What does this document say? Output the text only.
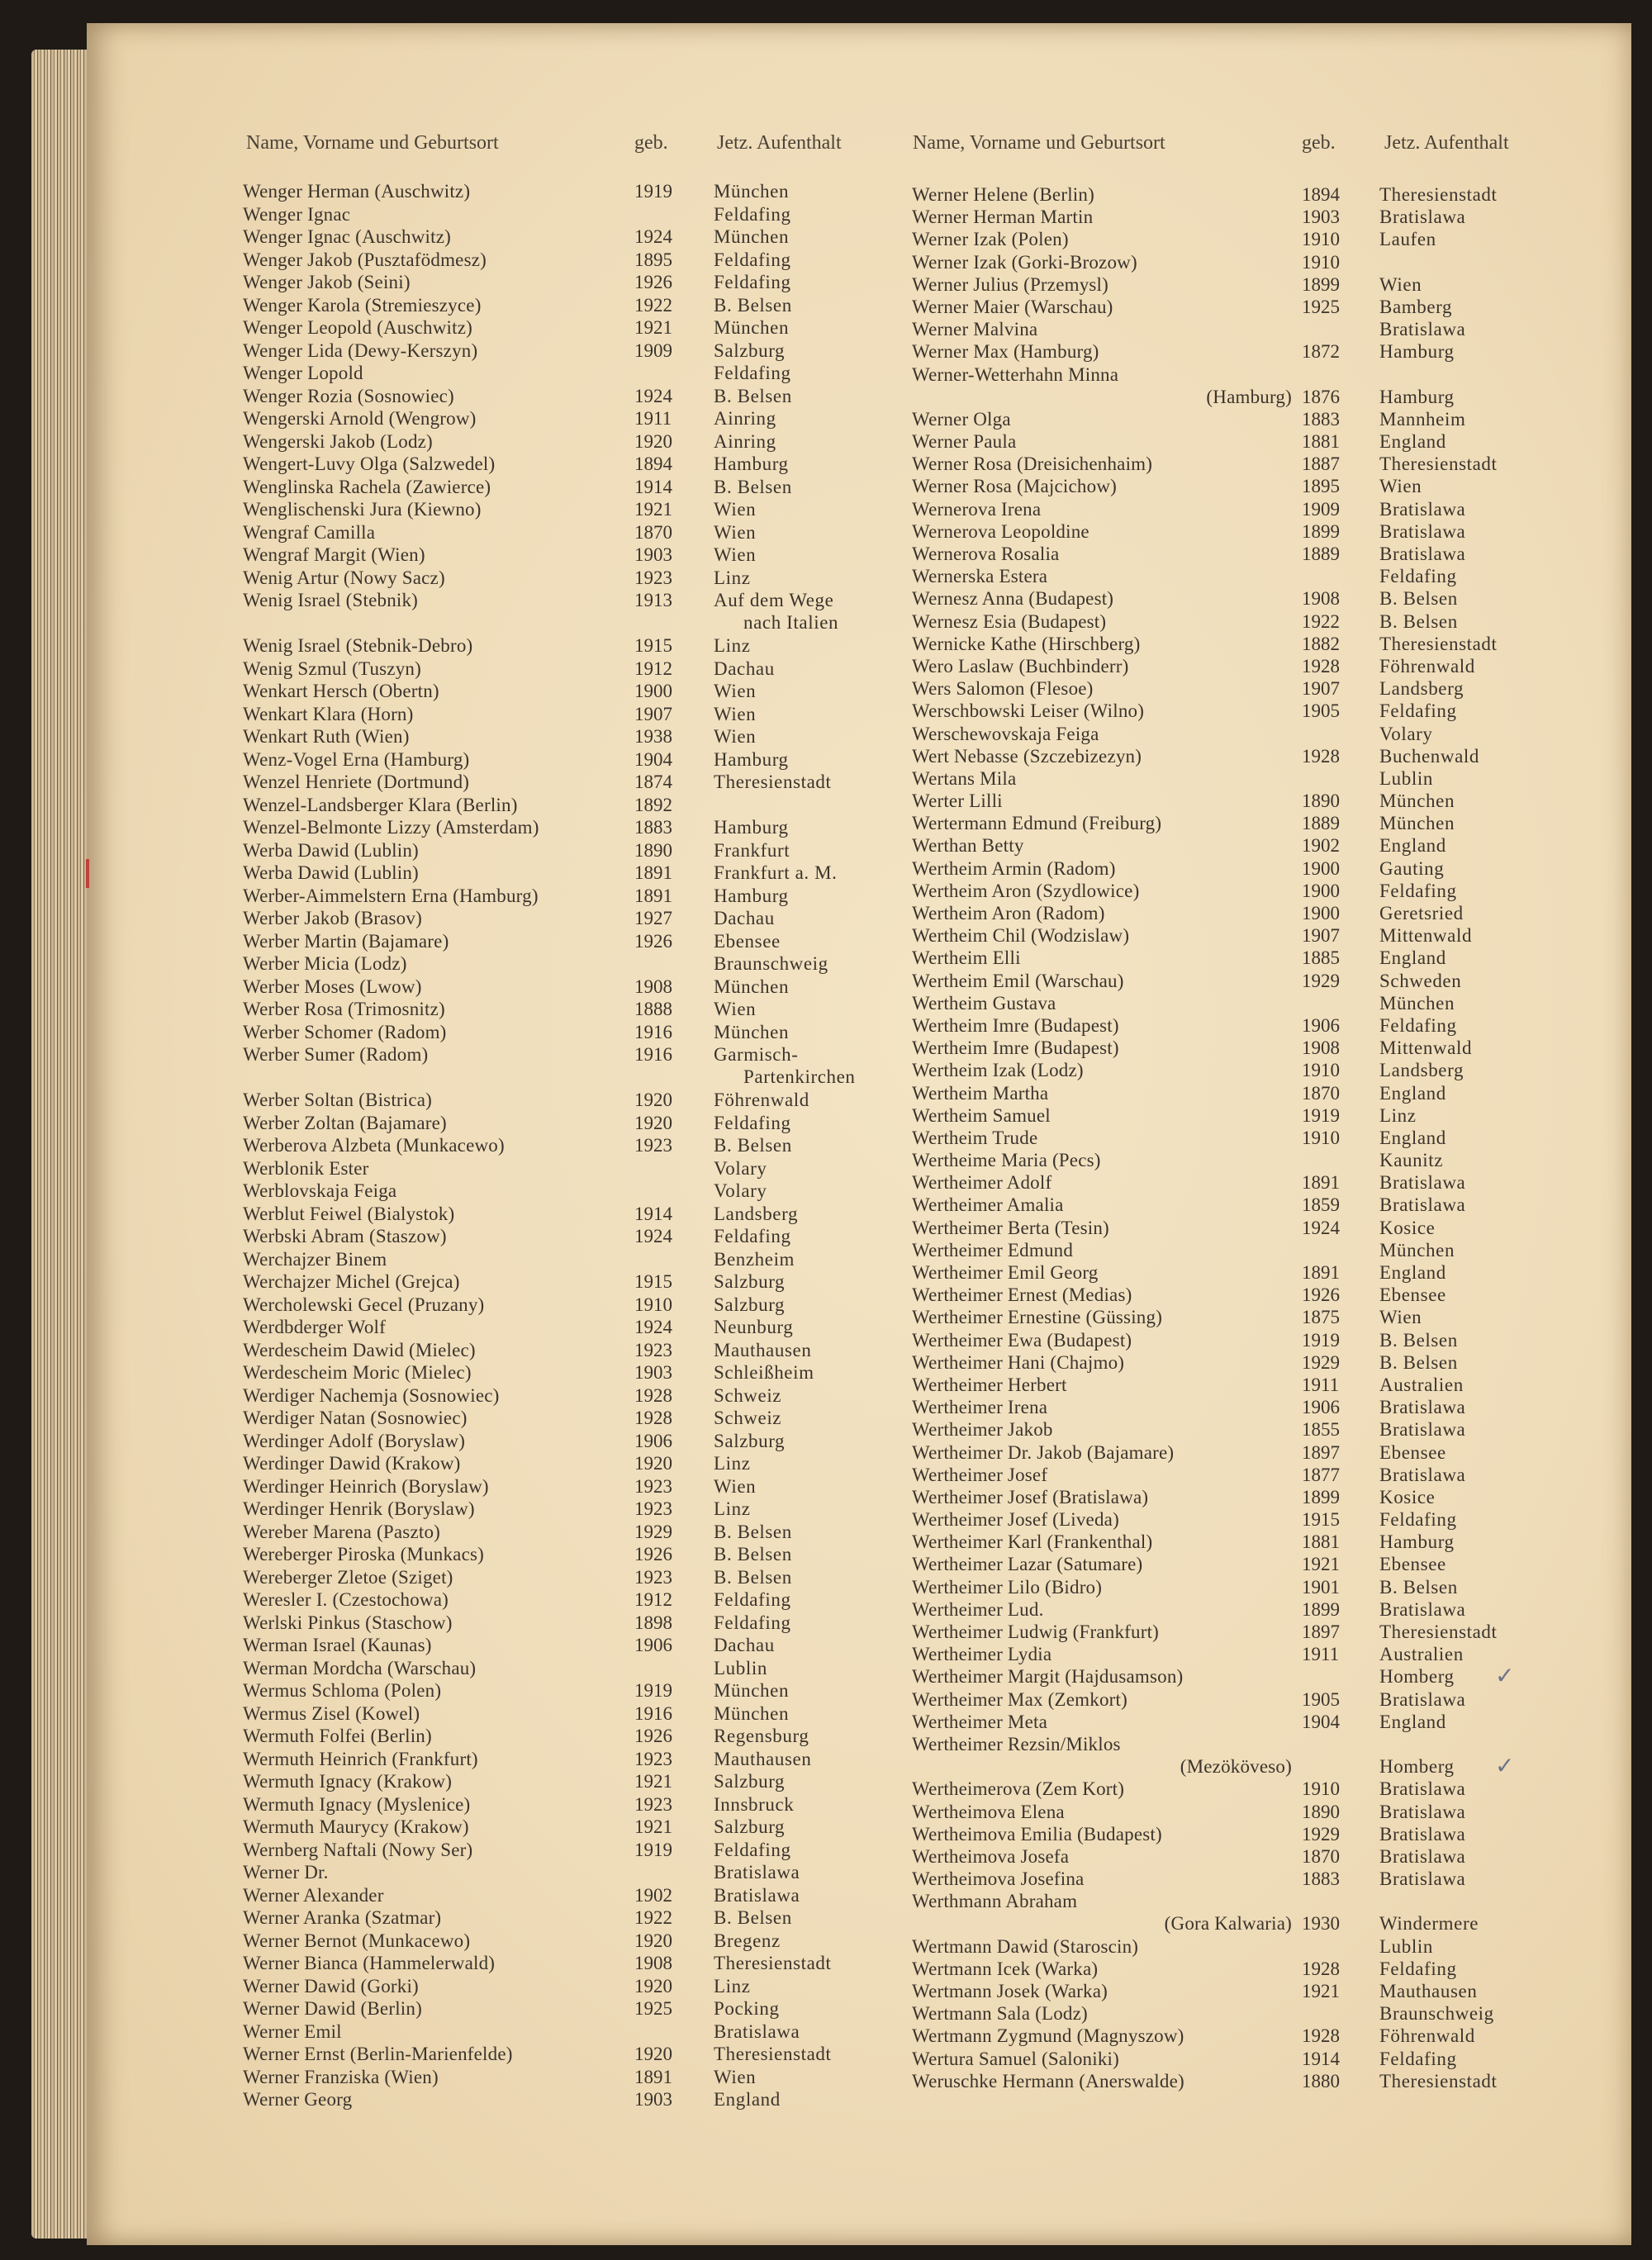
Name, Vorname und Geburtsort	geb. Jetz. Aufenthalt	Name, Vorname und Geburtsort	geb. Jetz. Aufenthalt
Wenger Herman (Auschwitz)	1919 München
Wenger Ignac	Feldafing
Wenger Ignac (Auschwitz)	1924 München
Wenger Jakob (Pusztafödmesz)	1895 Feldafing
Wenger Jakob (Seini)	1926 Feldafing
Wenger Karola (Stremieszyce)	1922 B. Belsen
Wenger Leopold (Auschwitz)	1921 München
Wenger Lida (Dewy-Kerszyn)	1909 Salzburg
Wenger Lopold	Feldafing
Wenger Rozia (Sosnowiec)	1924 B. Belsen
Wengerski Arnold (Wengrow)	1911 Ainring
Wengerski Jakob (Lodz)	1920 Ainring
Wengert-Luvy Olga (Salzwedel)	1894 Hamburg
Wenglinska Rachela (Zawierce)	1914 B. Belsen
Wenglischenski Jura (Kiewno)	1921 Wien
Wengraf Camilla	1870 Wien
Wengraf Margit (Wien)	1903 Wien
Wenig Artur (Nowy Sacz)	1923 Linz
Wenig Israel (Stebnik)	1913 Auf dem Wege
nach Italien
Wenig Israel (Stebnik-Debro)	1915 Linz
Wenig Szmul (Tuszyn)	1912 Dachau
Wenkart Hersch (Obertn)	1900 Wien
Wenkart Klara (Horn)	1907 Wien
Wenkart Ruth (Wien)	1938 Wien
Wenz-Vogel Erna (Hamburg)	1904 Hamburg
Wenzel Henriete (Dortmund)	1874 Theresienstadt
Wenzel-Landsberger Klara (Berlin)	1892
Wenzel-Belmonte Lizzy (Amsterdam)	1883 Hamburg
Werba Dawid (Lublin)	1890 Frankfurt
Werba Dawid (Lublin)	1891 Frankfurt a. M.
Werber-Aimmelstern Erna (Hamburg)	1891 Hamburg
Werber Jakob (Brasov)	1927 Dachau
Werber Martin (Bajamare)	1926 Ebensee
Werber Micia (Lodz)	Braunschweig
Werber Moses (Lwow)	1908 München
Werber Rosa (Trimosnitz)	1888 Wien
Werber Schomer (Radom)	1916 München
Werber Sumer (Radom)	1916 Garmisch-
Partenkirchen
Werber Soltan (Bistrica)	1920 Föhrenwald
Werber Zoltan (Bajamare)	1920 Feldafing
Werberova Alzbeta (Munkacewo)	1923 B. Belsen
Werblonik Ester	Volary
Werblovskaja Feiga	Volary
Werblut Feiwel (Bialystok)	1914 Landsberg
Werbski Abram (Staszow)	1924 Feldafing
Werchajzer Binem	Benzheim
Werchajzer Michel (Grejca)	1915 Salzburg
Wercholewski Gecel (Pruzany)	1910 Salzburg
Werdbderger Wolf	1924 Neunburg
Werdescheim Dawid (Mielec)	1923 Mauthausen
Werdescheim Moric (Mielec)	1903 Schleißheim
Werdiger Nachemja (Sosnowiec)	1928 Schweiz
Werdiger Natan (Sosnowiec)	1928 Schweiz
Werdinger Adolf (Boryslaw)	1906 Salzburg
Werdinger Dawid (Krakow)	1920 Linz
Werdinger Heinrich (Boryslaw)	1923 Wien
Werdinger Henrik (Boryslaw)	1923 Linz
Wereber Marena (Paszto)	1929 B. Belsen
Wereberger Piroska (Munkacs)	1926 B. Belsen
Wereberger Zletoe (Sziget)	1923 B. Belsen
Weresler I. (Czestochowa)	1912 Feldafing
Werlski Pinkus (Staschow)	1898 Feldafing
Werman Israel (Kaunas)	1906 Dachau
Werman Mordcha (Warschau)	Lublin
Wermus Schloma (Polen)	1919 München
Wermus Zisel (Kowel)	1916 München
Wermuth Folfei (Berlin)	1926 Regensburg
Wermuth Heinrich (Frankfurt)	1923 Mauthausen
Wermuth Ignacy (Krakow)	1921 Salzburg
Wermuth Ignacy (Myslenice)	1923 Innsbruck
Wermuth Maurycy (Krakow)	1921 Salzburg
Wernberg Naftali (Nowy Ser)	1919 Feldafing
Werner Dr.	Bratislawa
Werner Alexander	1902 Bratislawa
Werner Aranka (Szatmar)	1922 B. Belsen
Werner Bernot (Munkacewo)	1920 Bregenz
Werner Bianca (Hammelerwald)	1908 Theresienstadt
Werner Dawid (Gorki)	1920 Linz
Werner Dawid (Berlin)	1925 Pocking
Werner Emil	Bratislawa
Werner Ernst (Berlin-Marienfelde)	1920 Theresienstadt
Werner Franziska (Wien)	1891 Wien
Werner Georg	1903 England
Werner Helene (Berlin)	1894 Theresienstadt
Werner Herman Martin	1903 Bratislawa
Werner Izak (Polen)	1910 Laufen
Werner Izak (Gorki-Brozow)	1910
Werner Julius (Przemysl)	1899 Wien
Werner Maier (Warschau)	1925 Bamberg
Werner Malvina	Bratislawa
Werner Max (Hamburg)	1872 Hamburg
Werner-Wetterhahn Minna
(Hamburg) 1876 Hamburg
Werner Olga	1883 Mannheim
Werner Paula	1881 England
Werner Rosa (Dreisichenhaim)	1887 Theresienstadt
Werner Rosa (Majcichow)	1895 Wien
Wernerova Irena	1909 Bratislawa
Wernerova Leopoldine	1899 Bratislawa
Wernerova Rosalia	1889 Bratislawa
Wernerska Estera	Feldafing
Wernesz Anna (Budapest)	1908 B. Belsen
Wernesz Esia (Budapest)	1922 B. Belsen
Wernicke Kathe (Hirschberg)	1882 Theresienstadt
Wero Laslaw (Buchbinderr)	1928 Föhrenwald
Wers Salomon (Flesoe)	1907 Landsberg
Werschbowski Leiser (Wilno)	1905 Feldafing
Werschewovskaja Feiga	Volary
Wert Nebasse (Szczebizezyn)	1928 Buchenwald
Wertans Mila	Lublin
Werter Lilli	1890 München
Wertermann Edmund (Freiburg)	1889 München
Werthan Betty	1902 England
Wertheim Armin (Radom)	1900 Gauting
Wertheim Aron (Szydlowice)	1900 Feldafing
Wertheim Aron (Radom)	1900 Geretsried
Wertheim Chil (Wodzislaw)	1907 Mittenwald
Wertheim Elli	1885 England
Wertheim Emil (Warschau)	1929 Schweden
Wertheim Gustava	München
Wertheim Imre (Budapest)	1906 Feldafing
Wertheim Imre (Budapest)	1908 Mittenwald
Wertheim Izak (Lodz)	1910 Landsberg
Wertheim Martha	1870 England
Wertheim Samuel	1919 Linz
Wertheim Trude	1910 England
Wertheime Maria (Pecs)	Kaunitz
Wertheimer Adolf	1891 Bratislawa
Wertheimer Amalia	1859 Bratislawa
Wertheimer Berta (Tesin)	1924 Kosice
Wertheimer Edmund	München
Wertheimer Emil Georg	1891 England
Wertheimer Ernest (Medias)	1926 Ebensee
Wertheimer Ernestine (Güssing)	1875 Wien
Wertheimer Ewa (Budapest)	1919 B. Belsen
Wertheimer Hani (Chajmo)	1929 B. Belsen
Wertheimer Herbert	1911 Australien
Wertheimer Irena	1906 Bratislawa
Wertheimer Jakob	1855 Bratislawa
Wertheimer Dr. Jakob (Bajamare)	1897 Ebensee
Wertheimer Josef	1877 Bratislawa
Wertheimer Josef (Bratislawa)	1899 Kosice
Wertheimer Josef (Liveda)	1915 Feldafing
Wertheimer Karl (Frankenthal)	1881 Hamburg
Wertheimer Lazar (Satumare)	1921 Ebensee
Wertheimer Lilo (Bidro)	1901 B. Belsen
Wertheimer Lud.	1899 Bratislawa
Wertheimer Ludwig (Frankfurt)	1897 Theresienstadt
Wertheimer Lydia	1911 Australien
Wertheimer Margit (Hajdusamson)	Homberg ✓
Wertheimer Max (Zemkort)	1905 Bratislawa
Wertheimer Meta	1904 England
Wertheimer Rezsin/Miklos
(Mezököveso)	Homberg ✓
Wertheimerova (Zem Kort)	1910 Bratislawa
Wertheimova Elena	1890 Bratislawa
Wertheimova Emilia (Budapest)	1929 Bratislawa
Wertheimova Josefa	1870 Bratislawa
Wertheimova Josefina	1883 Bratislawa
Werthmann Abraham
(Gora Kalwaria) 1930 Windermere
Wertmann Dawid (Staroscin)	Lublin
Wertmann Icek (Warka)	1928 Feldafing
Wertmann Josek (Warka)	1921 Mauthausen
Wertmann Sala (Lodz)	Braunschweig
Wertmann Zygmund (Magnyszow)	1928 Föhrenwald
Wertura Samuel (Saloniki)	1914 Feldafing
Weruschke Hermann (Anerswalde)	1880 Theresienstadt
